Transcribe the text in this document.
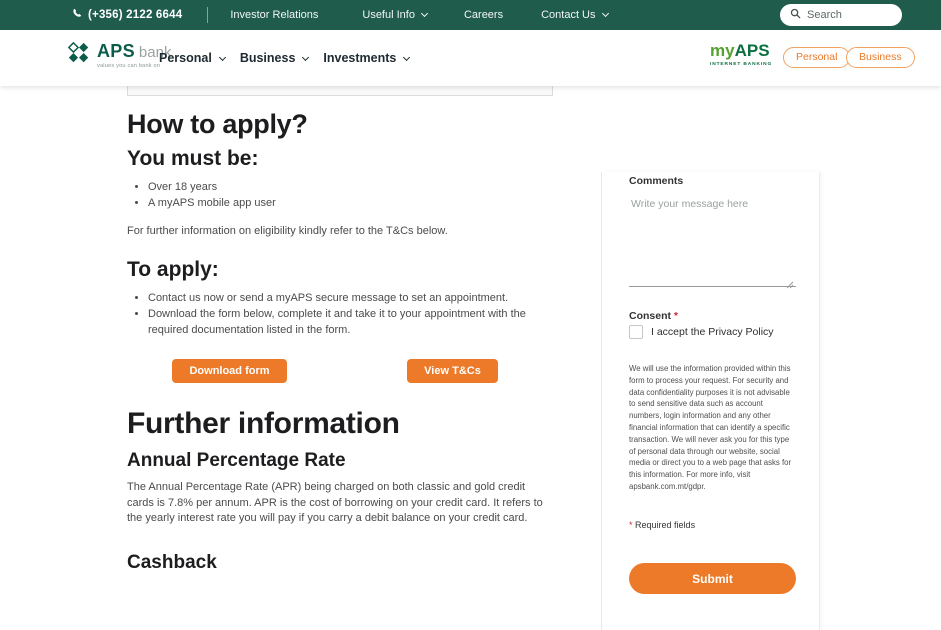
(+356) 2122 6644	Investor Relations	Useful Info	Careers	Contact Us
Search
APS bank
values you can bank on
Personal Business Investments	myAPS
INTERNET BANKING
Personal	Business
How to apply?
You must be:
• Over 18 years
• A myAPS mobile app user

For further information on eligibility kindly refer to the T&Cs below.

To apply:
• Contact us now or send a myAPS secure message to set an appointment.
• Download the form below, complete it and take it to your appointment with the required documentation listed in the form.
Download form	View T&Cs
Further information
Annual Percentage Rate

The Annual Percentage Rate (APR) being charged on both classic and gold credit cards is 7.8% per annum. APR is the cost of borrowing on your credit card. It refers to the yearly interest rate you will pay if you carry a debit balance on your credit card.

Cashback
Comments
Write your message here
Consent *
I accept the Privacy Policy

We will use the information provided within this form to process your request. For security and data confidentiality purposes it is not advisable to send sensitive data such as account numbers, login information and any other financial information that can identify a specific transaction. We will never ask you for this type of personal data through our website, social media or direct you to a web page that asks for this information. For more info, visit apsbank.com.mt/gdpr.

* Required fields
Submit
